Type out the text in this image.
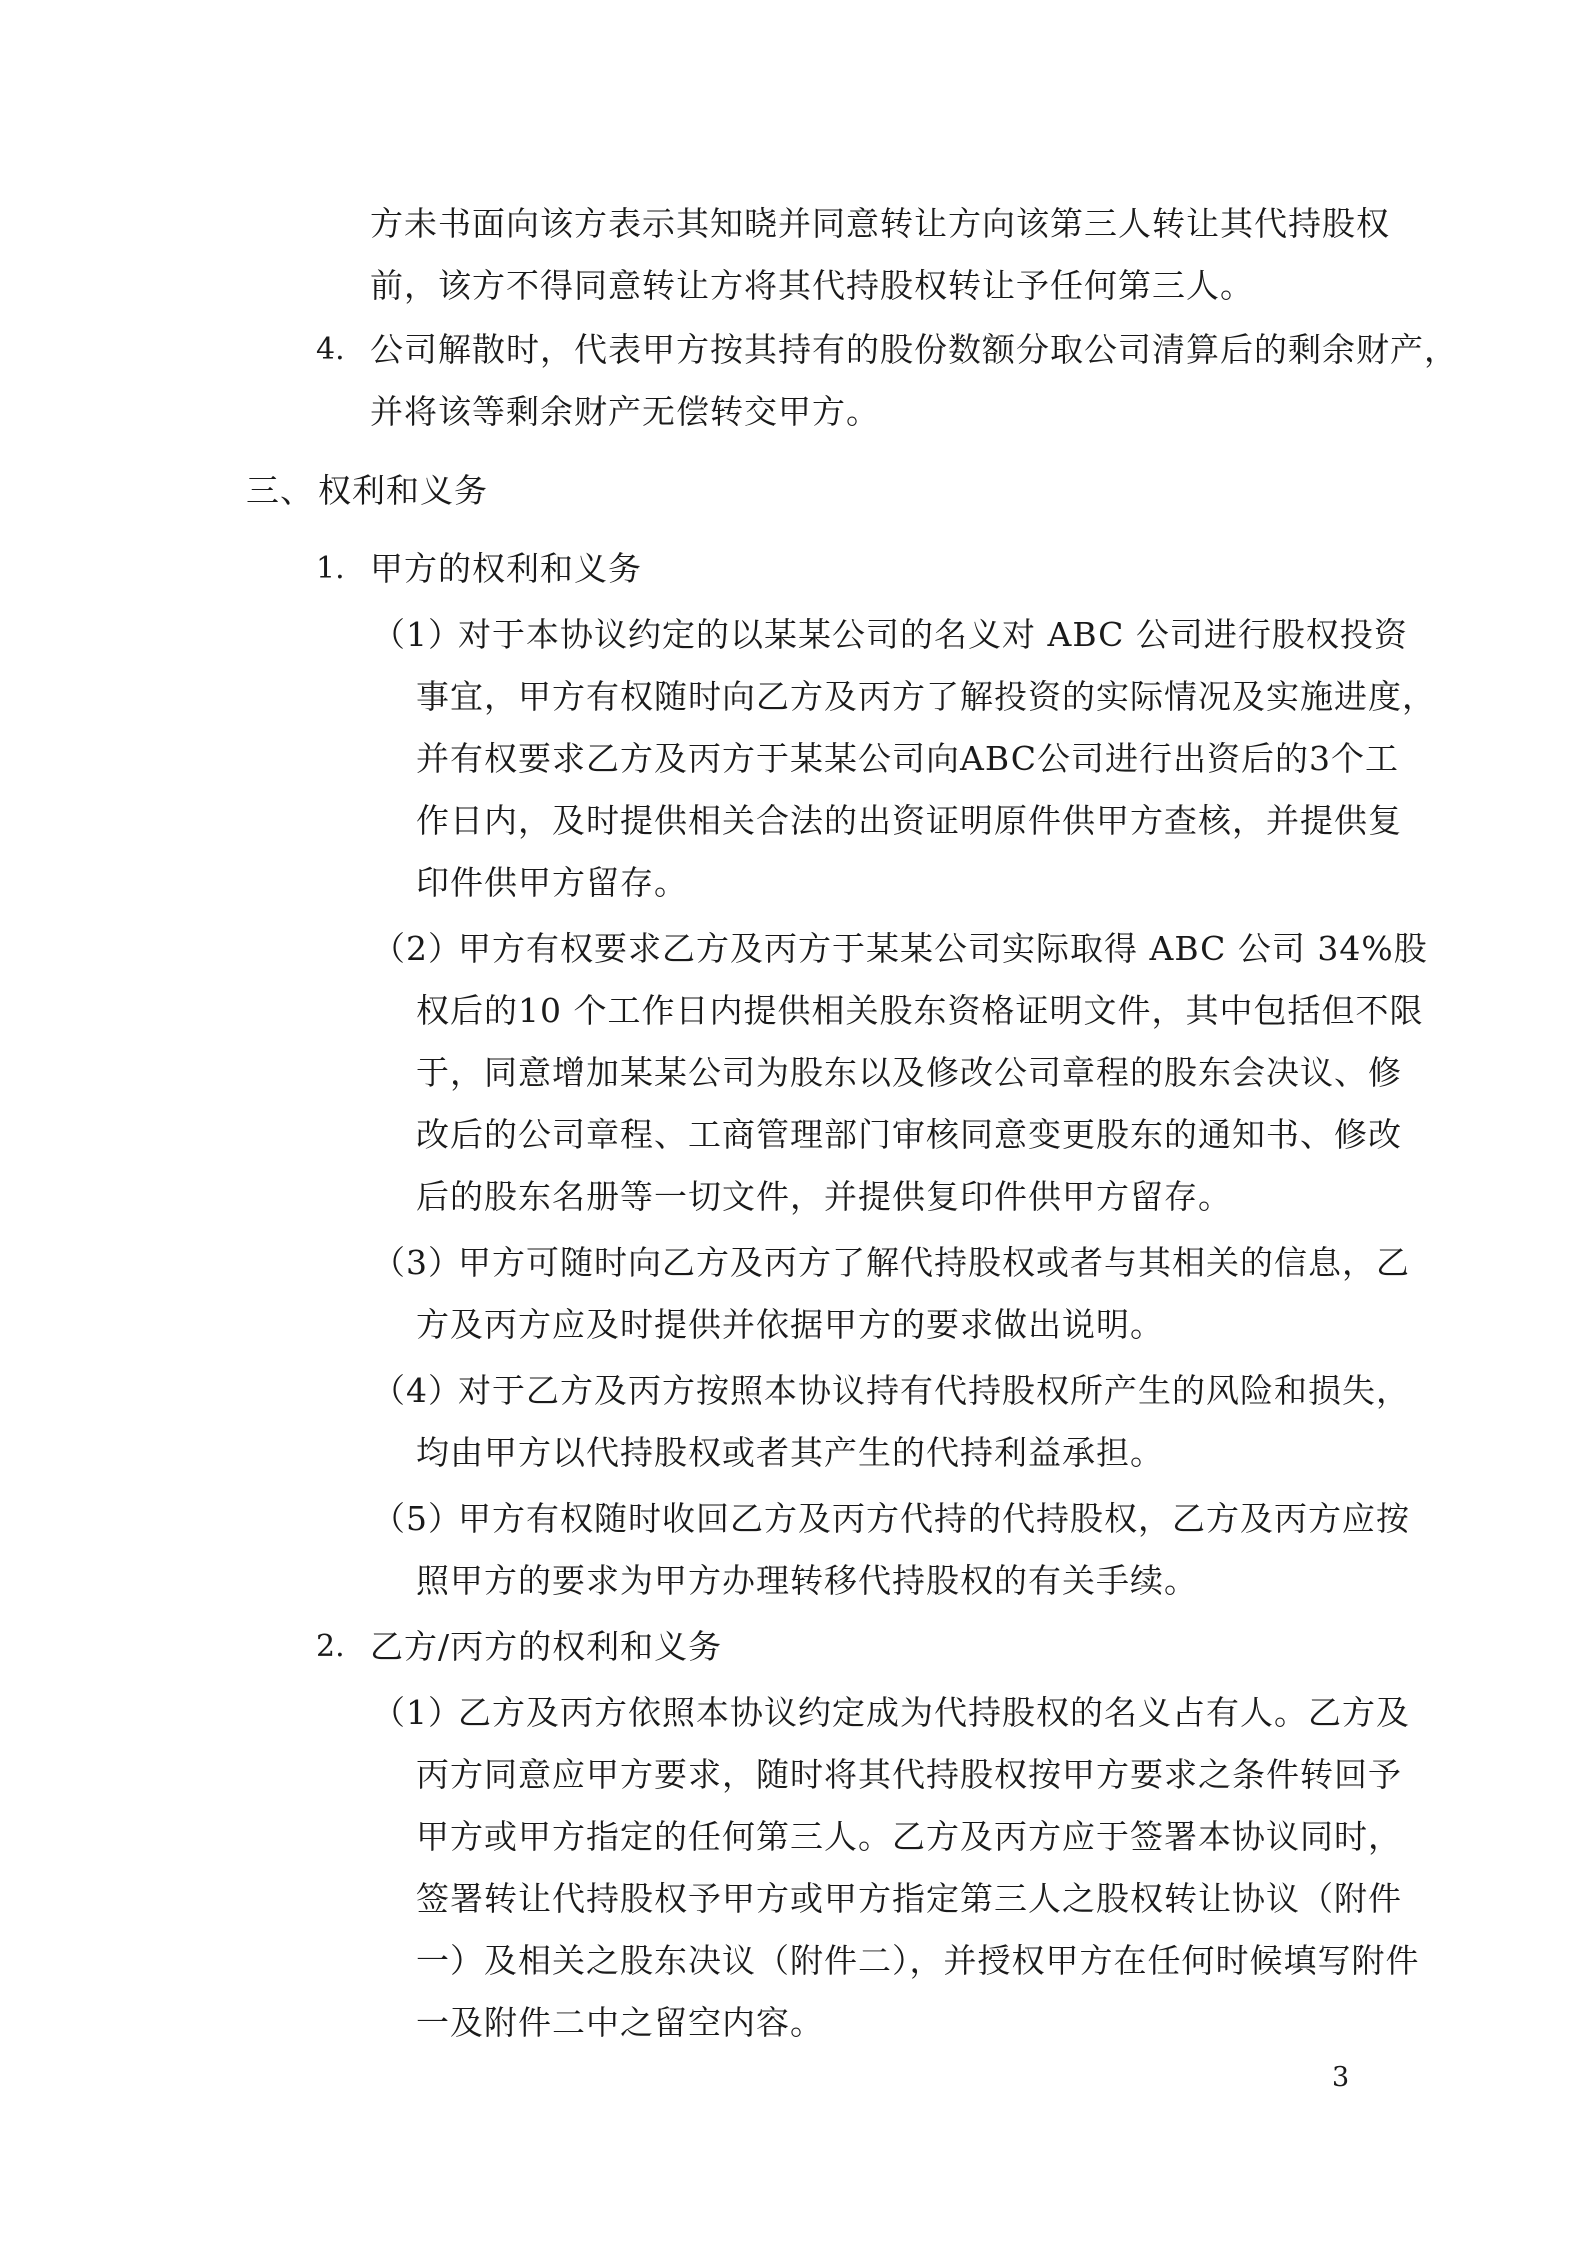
方未书面向该方表示其知晓并同意转让方向该第三人转让其代持股权

前，该方不得同意转让方将其代持股权转让予任何第三人。

4. 公司解散时，代表甲方按其持有的股份数额分取公司清算后的剩余财产，

并将该等剩余财产无偿转交甲方。

三、 权利和义务

1. 甲方的权利和义务

（1）

对于本协议约定的以某某公司的名义对 ABC 公司进行股权投资

事宜，甲方有权随时向乙方及丙方了解投资的实际情况及实施进度，

并有权要求乙方及丙方于某某公司向ABC公司进行出资后的3个工

作日内，及时提供相关合法的出资证明原件供甲方查核，并提供复

印件供甲方留存。

（2）

甲方有权要求乙方及丙方于某某公司实际取得 ABC 公司 34%股

权后的10 个工作日内提供相关股东资格证明文件，其中包括但不限

于，同意增加某某公司为股东以及修改公司章程的股东会决议、修

改后的公司章程、工商管理部门审核同意变更股东的通知书、修改

后的股东名册等一切文件，并提供复印件供甲方留存。

（3）

甲方可随时向乙方及丙方了解代持股权或者与其相关的信息，乙

方及丙方应及时提供并依据甲方的要求做出说明。

（4）

对于乙方及丙方按照本协议持有代持股权所产生的风险和损失，

均由甲方以代持股权或者其产生的代持利益承担。

（5）

甲方有权随时收回乙方及丙方代持的代持股权，乙方及丙方应按

照甲方的要求为甲方办理转移代持股权的有关手续。

2. 乙方/丙方的权利和义务

（1）

乙方及丙方依照本协议约定成为代持股权的名义占有人。乙方及

丙方同意应甲方要求，随时将其代持股权按甲方要求之条件转回予

甲方或甲方指定的任何第三人。乙方及丙方应于签署本协议同时，

签署转让代持股权予甲方或甲方指定第三人之股权转让协议（附件

一）及相关之股东决议（附件二），并授权甲方在任何时候填写附件

一及附件二中之留空内容。

3
